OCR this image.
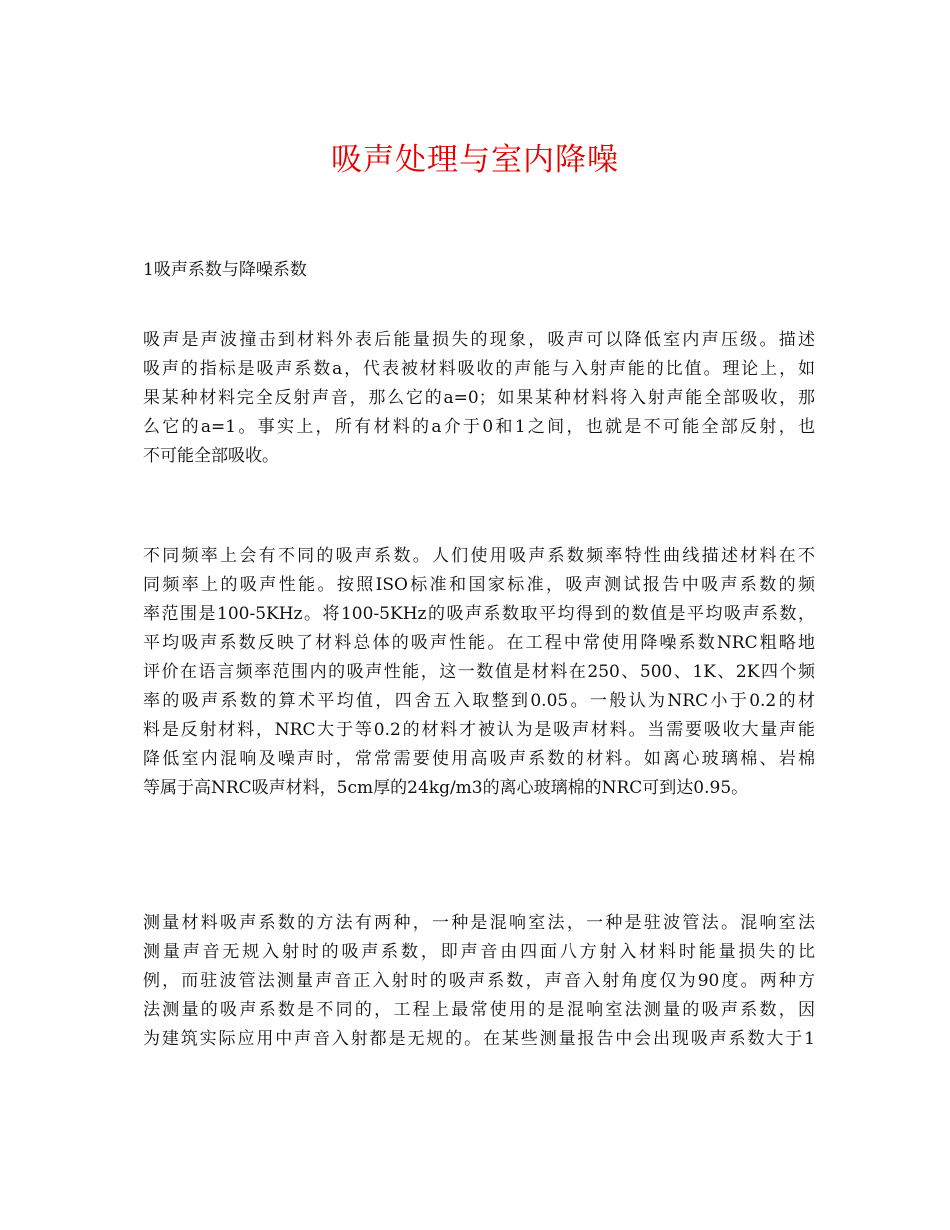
吸声处理与室内降噪
1吸声系数与降噪系数

吸声是声波撞击到材料外表后能量损失的现象，吸声可以降低室内声压级。描述
吸声的指标是吸声系数a，代表被材料吸收的声能与入射声能的比值。理论上，如
果某种材料完全反射声音，那么它的a=0；如果某种材料将入射声能全部吸收，那
么它的a=1。事实上，所有材料的a介于0和1之间，也就是不可能全部反射，也
不可能全部吸收。

不同频率上会有不同的吸声系数。人们使用吸声系数频率特性曲线描述材料在不
同频率上的吸声性能。按照ISO标准和国家标准，吸声测试报告中吸声系数的频
率范围是100-5KHz。将100-5KHz的吸声系数取平均得到的数值是平均吸声系数，
平均吸声系数反映了材料总体的吸声性能。在工程中常使用降噪系数NRC粗略地
评价在语言频率范围内的吸声性能，这一数值是材料在250、500、1K、2K四个频
率的吸声系数的算术平均值，四舍五入取整到0.05。一般认为NRC小于0.2的材
料是反射材料，NRC大于等0.2的材料才被认为是吸声材料。当需要吸收大量声能
降低室内混响及噪声时，常常需要使用高吸声系数的材料。如离心玻璃棉、岩棉
等属于高NRC吸声材料，5cm厚的24kg/m3的离心玻璃棉的NRC可到达0.95。

测量材料吸声系数的方法有两种，一种是混响室法，一种是驻波管法。混响室法
测量声音无规入射时的吸声系数，即声音由四面八方射入材料时能量损失的比
例，而驻波管法测量声音正入射时的吸声系数，声音入射角度仅为90度。两种方
法测量的吸声系数是不同的，工程上最常使用的是混响室法测量的吸声系数，因
为建筑实际应用中声音入射都是无规的。在某些测量报告中会出现吸声系数大于1
